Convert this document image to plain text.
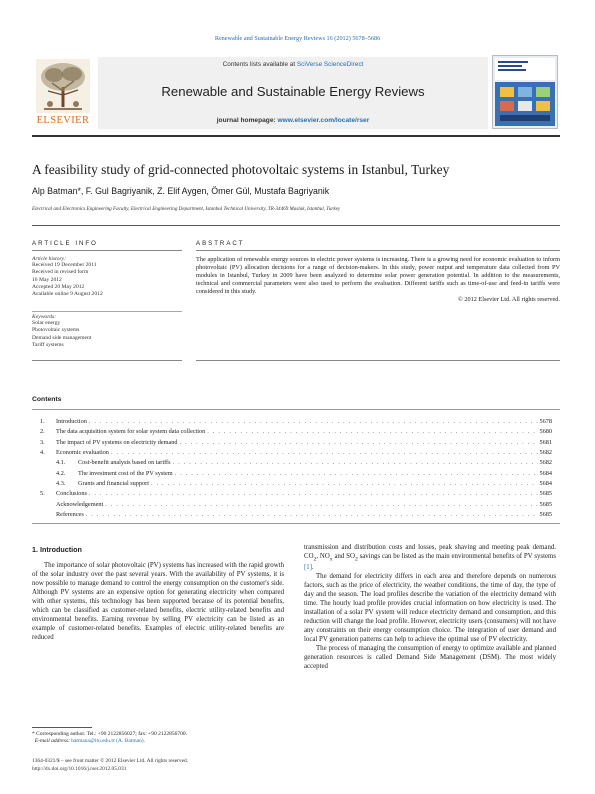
Renewable and Sustainable Energy Reviews 16 (2012) 5678–5686
ELSEVIER
Contents lists available at SciVerse ScienceDirect
Renewable and Sustainable Energy Reviews
journal homepage: www.elsevier.com/locate/rser
A feasibility study of grid-connected photovoltaic systems in Istanbul, Turkey
Alp Batman*, F. Gul Bagriyanik, Z. Elif Aygen, Ömer Gül, Mustafa Bagriyanik
Electrical and Electronics Engineering Faculty, Electrical Engineering Department, Istanbul Technical University, TR-34469 Maslak, Istanbul, Turkey
ARTICLE INFO
Article history:
Received 19 December 2011
Received in revised form
16 May 2012
Accepted 20 May 2012
Available online 9 August 2012
Keywords:
Solar energy
Photovoltaic systems
Demand side management
Tariff systems
ABSTRACT
The application of renewable energy sources in electric power systems is increasing. There is a growing need for economic evaluation to inform photovoltaic (PV) allocation decisions for a range of decision-makers. In this study, power output and temperature data collected from PV modules in Istanbul, Turkey in 2009 have been analyzed to determine solar power generation potential. In addition to the measurements, technical and commercial parameters were also used to perform the evaluation. Different tariffs such as time-of-use and feed-in tariffs were considered in this study.
© 2012 Elsevier Ltd. All rights reserved.
Contents
1.	Introduction . . .	5678
2.	The data acquisition system for solar system data collection . . .	5680
3.	The impact of PV systems on electricity demand . . .	5681
4.	Economic evaluation . . .	5682
4.1.	Cost-benefit analysis based on tariffs . . .	5682
4.2.	The investment cost of the PV system . . .	5684
4.3.	Grants and financial support . . .	5684
5.	Conclusions . . .	5685
Acknowledgement . . .	5685
References . . .	5685
1. Introduction

The importance of solar photovoltaic (PV) systems has increased with the rapid growth of the solar industry over the past several years. With the availability of PV systems, it is now possible to manage demand to control the energy consumption on the customer's side. Although PV systems are an expensive option for generating electricity when compared with other systems, this technology has been supported because of its potential benefits, which can be classified as customer-related benefits, electric utility-related benefits and environmental benefits. Earning revenue by selling PV electricity can be listed as an example of customer-related benefits. Examples of electric utility-related benefits are reduced

transmission and distribution costs and losses, peak shaving and meeting peak demand. $CO_2$, $NO_x$ and $SO_2$ savings can be listed as the main environmental benefits of PV systems [1].

The demand for electricity differs in each area and therefore depends on numerous factors, such as the price of electricity, the weather conditions, the time of day, the type of day and the season. The load profiles describe the variation of the electricity demand with time. The hourly load profile provides crucial information on how electricity is used. The installation of a solar PV system will reduce electricity demand and consumption, and this reduction will change the load profile. However, electricity users (consumers) will not have any constraints on their energy consumption choice. The integration of user demand and local PV generation patterns can help to achieve the optimal use of PV electricity.

The process of managing the consumption of energy to optimize available and planned generation resources is called Demand Side Management (DSM). The most widely accepted

* Corresponding author. Tel.: +90 2122856027; fax: +90 2122856700.
E-mail address: batmana@itu.edu.tr (A. Batman).
1364-0321/$ – see front matter © 2012 Elsevier Ltd. All rights reserved.
http://dx.doi.org/10.1016/j.rser.2012.05.031
